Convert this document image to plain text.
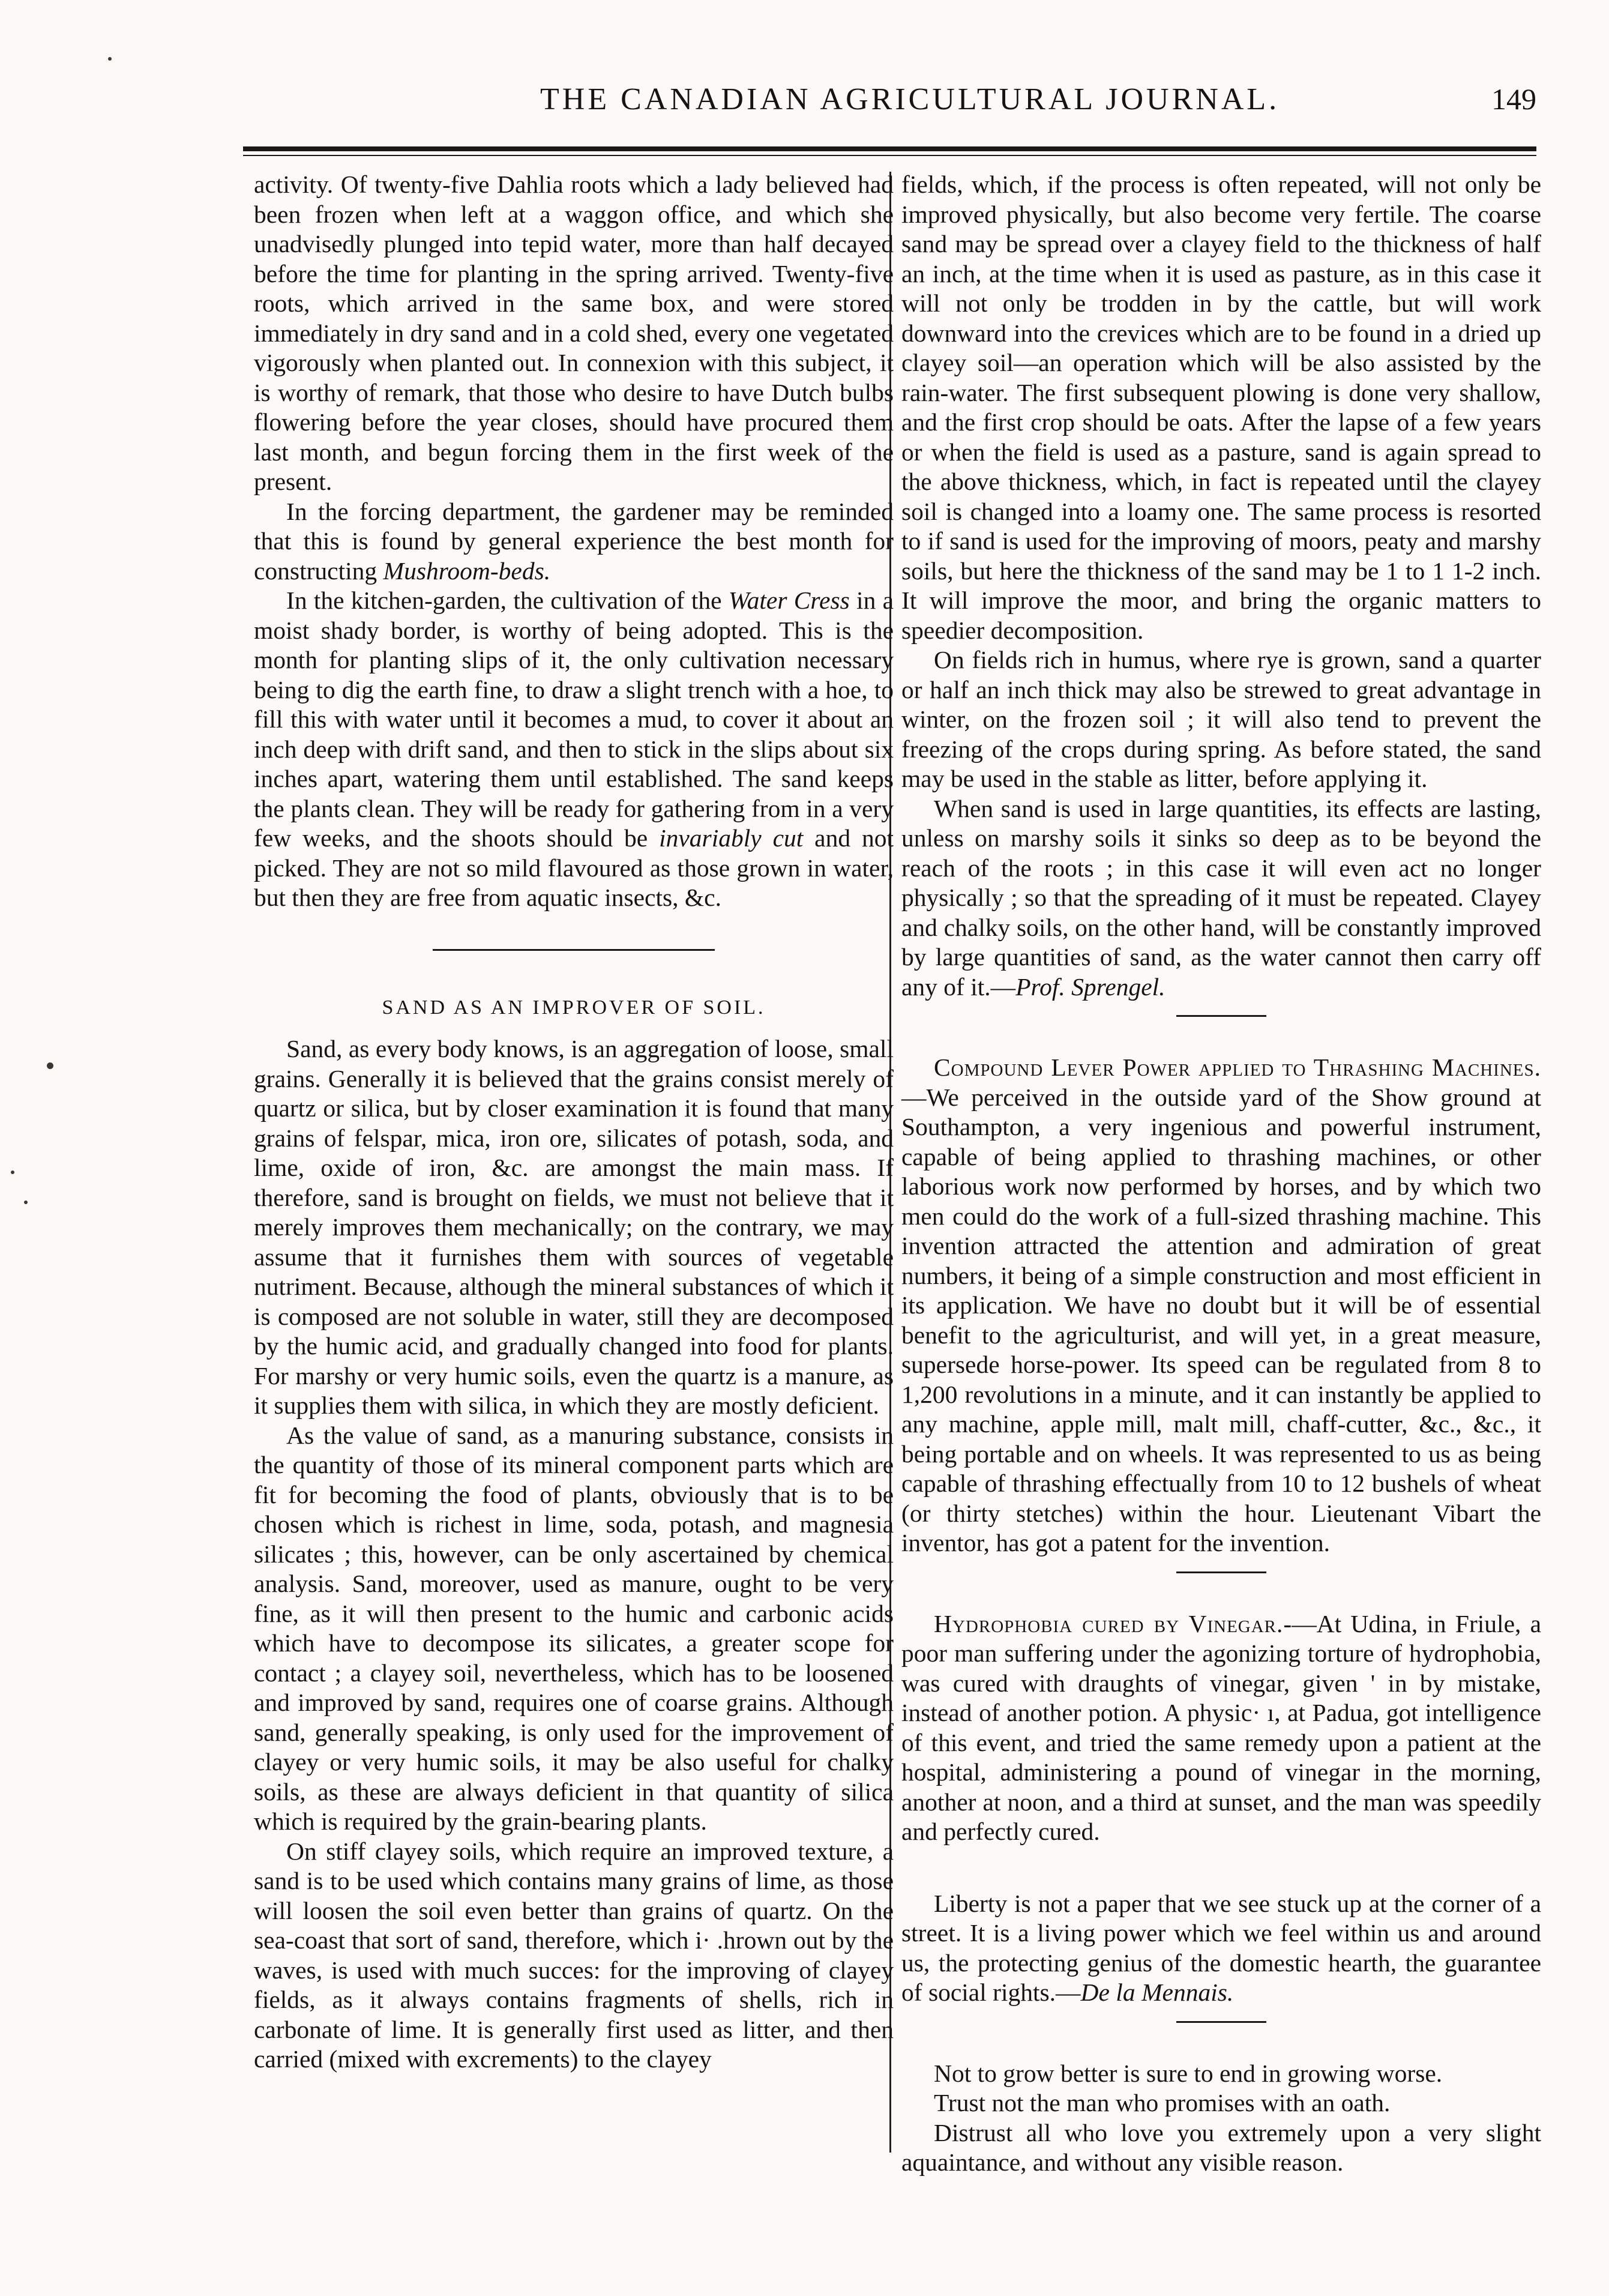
THE CANADIAN AGRICULTURAL JOURNAL.	149

activity. Of twenty-five Dahlia roots which a lady believed had been frozen when left at a waggon office, and which she unadvisedly plunged into tepid water, more than half decayed before the time for planting in the spring arrived. Twenty-five roots, which arrived in the same box, and were stored immediately in dry sand and in a cold shed, every one vegetated vigorously when planted out. In connexion with this subject, it is worthy of remark, that those who desire to have Dutch bulbs flowering before the year closes, should have procured them last month, and begun forcing them in the first week of the present.

In the forcing department, the gardener may be reminded that this is found by general experience the best month for constructing Mushroom-beds.

In the kitchen-garden, the cultivation of the Water Cress in a moist shady border, is worthy of being adopted. This is the month for planting slips of it, the only cultivation necessary being to dig the earth fine, to draw a slight trench with a hoe, to fill this with water until it becomes a mud, to cover it about an inch deep with drift sand, and then to stick in the slips about six inches apart, watering them until established. The sand keeps the plants clean. They will be ready for gathering from in a very few weeks, and the shoots should be invariably cut and not picked. They are not so mild flavoured as those grown in water, but then they are free from aquatic insects, &c.

SAND AS AN IMPROVER OF SOIL.

Sand, as every body knows, is an aggregation of loose, small grains. Generally it is believed that the grains consist merely of quartz or silica, but by closer examination it is found that many grains of felspar, mica, iron ore, silicates of potash, soda, and lime, oxide of iron, &c. are amongst the main mass. If therefore, sand is brought on fields, we must not believe that it merely improves them mechanically; on the contrary, we may assume that it furnishes them with sources of vegetable nutriment. Because, although the mineral substances of which it is composed are not soluble in water, still they are decomposed by the humic acid, and gradually changed into food for plants. For marshy or very humic soils, even the quartz is a manure, as it supplies them with silica, in which they are mostly deficient.

As the value of sand, as a manuring substance, consists in the quantity of those of its mineral component parts which are fit for becoming the food of plants, obviously that is to be chosen which is richest in lime, soda, potash, and magnesia silicates ; this, however, can be only ascertained by chemical analysis. Sand, moreover, used as manure, ought to be very fine, as it will then present to the humic and carbonic acids which have to decompose its silicates, a greater scope for contact ; a clayey soil, nevertheless, which has to be loosened and improved by sand, requires one of coarse grains. Although sand, generally speaking, is only used for the improvement of clayey or very humic soils, it may be also useful for chalky soils, as these are always deficient in that quantity of silica which is required by the grain-bearing plants.

On stiff clayey soils, which require an improved texture, a sand is to be used which contains many grains of lime, as those will loosen the soil even better than grains of quartz. On the sea-coast that sort of sand, therefore, which i· .hrown out by the waves, is used with much succes: for the improving of clayey fields, as it always contains fragments of shells, rich in carbonate of lime. It is generally first used as litter, and then carried (mixed with excrements) to the clayey

fields, which, if the process is often repeated, will not only be improved physically, but also become very fertile. The coarse sand may be spread over a clayey field to the thickness of half an inch, at the time when it is used as pasture, as in this case it will not only be trodden in by the cattle, but will work downward into the crevices which are to be found in a dried up clayey soil—an operation which will be also assisted by the rain-water. The first subsequent plowing is done very shallow, and the first crop should be oats. After the lapse of a few years or when the field is used as a pasture, sand is again spread to the above thickness, which, in fact is repeated until the clayey soil is changed into a loamy one. The same process is resorted to if sand is used for the improving of moors, peaty and marshy soils, but here the thickness of the sand may be 1 to 1 1-2 inch. It will improve the moor, and bring the organic matters to speedier decomposition.

On fields rich in humus, where rye is grown, sand a quarter or half an inch thick may also be strewed to great advantage in winter, on the frozen soil ; it will also tend to prevent the freezing of the crops during spring. As before stated, the sand may be used in the stable as litter, before applying it.

When sand is used in large quantities, its effects are lasting, unless on marshy soils it sinks so deep as to be beyond the reach of the roots ; in this case it will even act no longer physically ; so that the spreading of it must be repeated. Clayey and chalky soils, on the other hand, will be constantly improved by large quantities of sand, as the water cannot then carry off any of it.—Prof. Sprengel.

Compound Lever Power applied to Thrashing Machines.—We perceived in the outside yard of the Show ground at Southampton, a very ingenious and powerful instrument, capable of being applied to thrashing machines, or other laborious work now performed by horses, and by which two men could do the work of a full-sized thrashing machine. This invention attracted the attention and admiration of great numbers, it being of a simple construction and most efficient in its application. We have no doubt but it will be of essential benefit to the agriculturist, and will yet, in a great measure, supersede horse-power. Its speed can be regulated from 8 to 1,200 revolutions in a minute, and it can instantly be applied to any machine, apple mill, malt mill, chaff-cutter, &c., &c., it being portable and on wheels. It was represented to us as being capable of thrashing effectually from 10 to 12 bushels of wheat (or thirty stetches) within the hour. Lieutenant Vibart the inventor, has got a patent for the invention.

Hydrophobia cured by Vinegar.-—At Udina, in Friule, a poor man suffering under the agonizing torture of hydrophobia, was cured with draughts of vinegar, given ' in by mistake, instead of another potion. A physic· ı, at Padua, got intelligence of this event, and tried the same remedy upon a patient at the hospital, administering a pound of vinegar in the morning, another at noon, and a third at sunset, and the man was speedily and perfectly cured.

Liberty is not a paper that we see stuck up at the corner of a street. It is a living power which we feel within us and around us, the protecting genius of the domestic hearth, the guarantee of social rights.—De la Mennais.

Not to grow better is sure to end in growing worse.

Trust not the man who promises with an oath.

Distrust all who love you extremely upon a very slight aquaintance, and without any visible reason.
